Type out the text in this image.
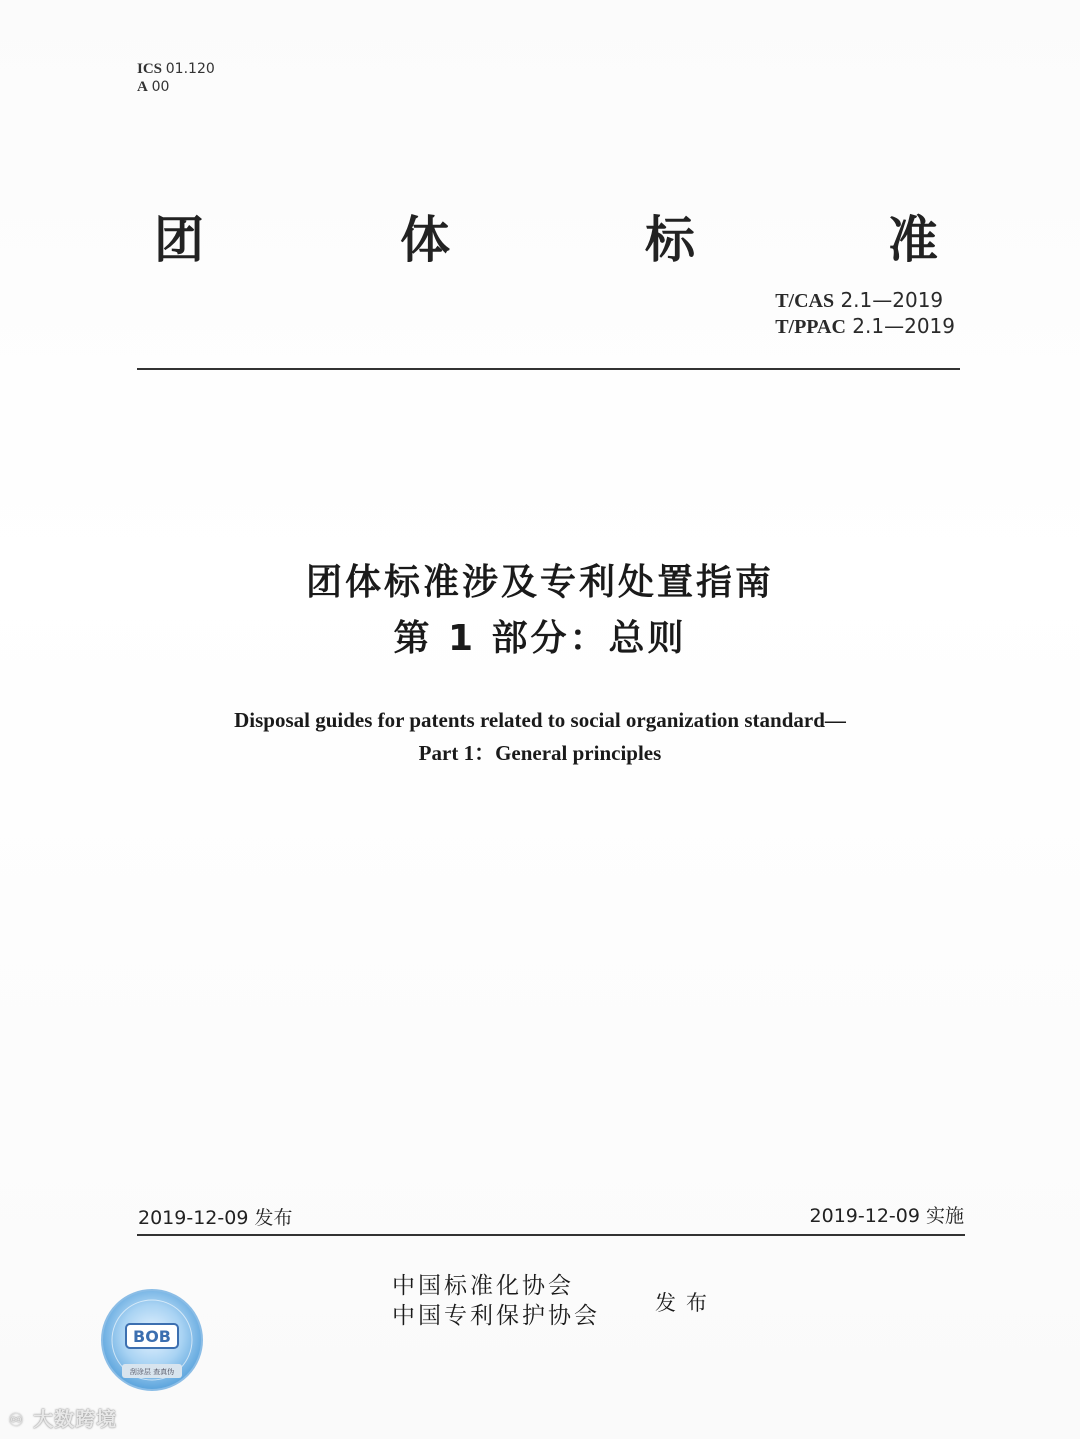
ICS 01.120
A 00
团	体	标	准
T/CAS 2.1—2019
T/PPAC 2.1—2019
团体标准涉及专利处置指南
第 1 部分：总则
Disposal guides for patents related to social organization standard—
Part 1：General principles
2019-12-09 发布	2019-12-09 实施
中国标准化协会
中国专利保护协会	发布
BOB
刮涂层 查真伪
♾ 大数跨境
